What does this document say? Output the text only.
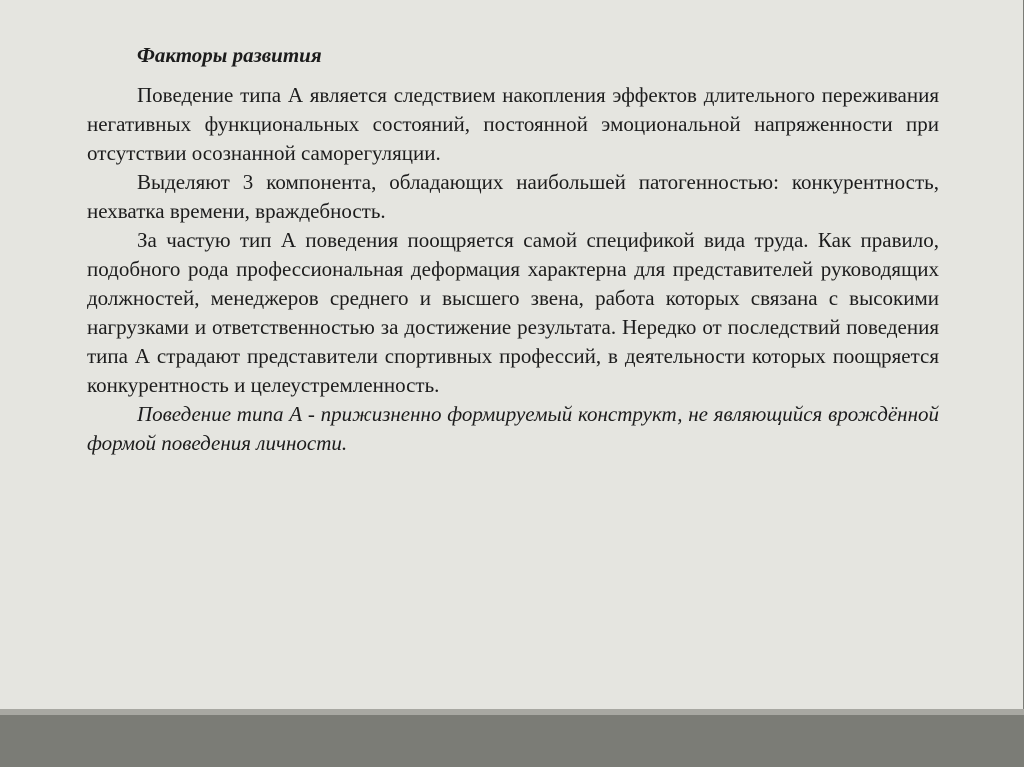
Факторы развития

Поведение типа А является следствием накопления эффектов длительного переживания негативных функциональных состояний, постоянной эмоциональной напряженности при отсутствии осознанной саморегуляции.

Выделяют 3 компонента, обладающих наибольшей патогенностью: конкурентность, нехватка времени, враждебность.

За частую тип А поведения поощряется самой спецификой вида труда. Как правило, подобного рода профессиональная деформация характерна для представителей руководящих должностей, менеджеров среднего и высшего звена, работа которых связана с высокими нагрузками и ответственностью за достижение результата. Нередко от последствий поведения типа А страдают представители спортивных профессий, в деятельности которых поощряется конкурентность и целеустремленность.

Поведение типа А - прижизненно формируемый конструкт, не являющийся врождённой формой поведения личности.
